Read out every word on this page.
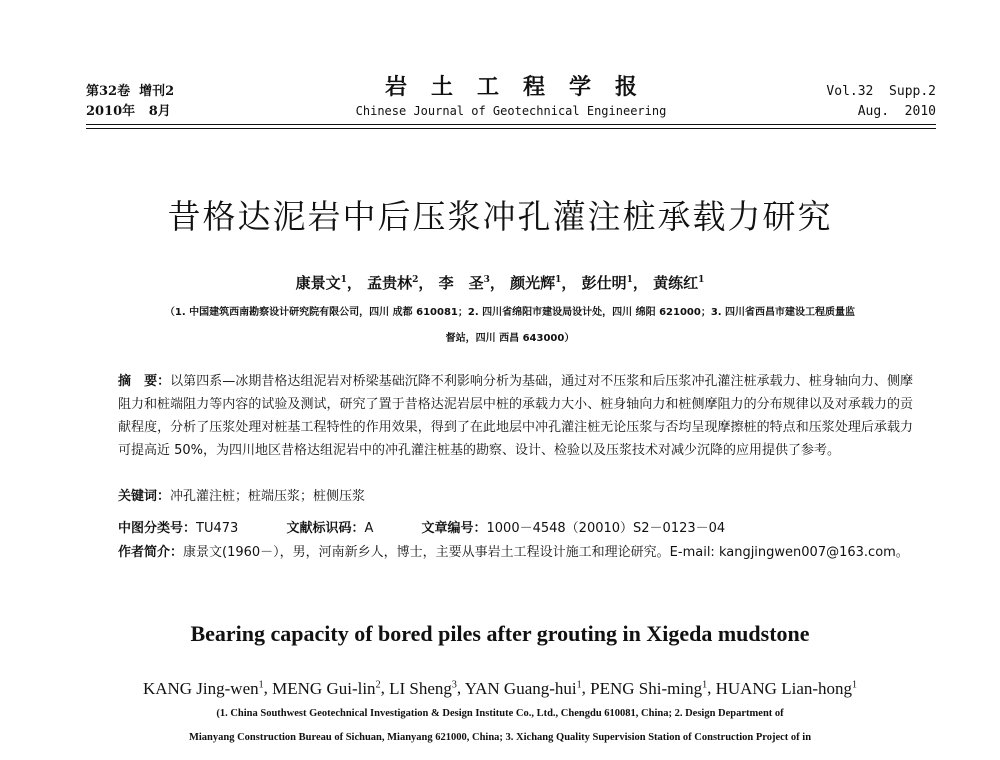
第32卷 增刊2
2010年 8月
岩土工程学报
Chinese Journal of Geotechnical Engineering
Vol.32  Supp.2
Aug.  2010
昔格达泥岩中后压浆冲孔灌注桩承载力研究
康景文$^1$， 孟贵林$^2$， 李　圣$^3$， 颜光辉$^1$， 彭仕明$^1$， 黄练红$^1$
（1. 中国建筑西南勘察设计研究院有限公司，四川 成都 610081；2. 四川省绵阳市建设局设计处，四川 绵阳 621000；3. 四川省西昌市建设工程质量监
督站，四川 西昌 643000）
摘　要：以第四系—冰期昔格达组泥岩对桥梁基础沉降不利影响分析为基础，通过对不压浆和后压浆冲孔灌注桩承载力、桩身轴向力、侧摩阻力和桩端阻力等内容的试验及测试，研究了置于昔格达泥岩层中桩的承载力大小、桩身轴向力和桩侧摩阻力的分布规律以及对承载力的贡献程度，分析了压浆处理对桩基工程特性的作用效果，得到了在此地层中冲孔灌注桩无论压浆与否均呈现摩擦桩的特点和压浆处理后承载力可提高近 50%，为四川地区昔格达组泥岩中的冲孔灌注桩基的勘察、设计、检验以及压浆技术对减少沉降的应用提供了参考。
关键词：冲孔灌注桩；桩端压浆；桩侧压浆
中图分类号：TU473	文献标识码：A	文章编号：1000－4548（20010）S2－0123－04
作者简介：康景文(1960－），男，河南新乡人，博士，主要从事岩土工程设计施工和理论研究。E-mail: kangjingwen007@163.com。
Bearing capacity of bored piles after grouting in Xigeda mudstone
KANG Jing-wen$^1$, MENG Gui-lin$^2$, LI Sheng$^3$, YAN Guang-hui$^1$, PENG Shi-ming$^1$, HUANG Lian-hong$^1$
(1. China Southwest Geotechnical Investigation & Design Institute Co., Ltd., Chengdu 610081, China; 2. Design Department of
Mianyang Construction Bureau of Sichuan, Mianyang 621000, China; 3. Xichang Quality Supervision Station of Construction Project of in
